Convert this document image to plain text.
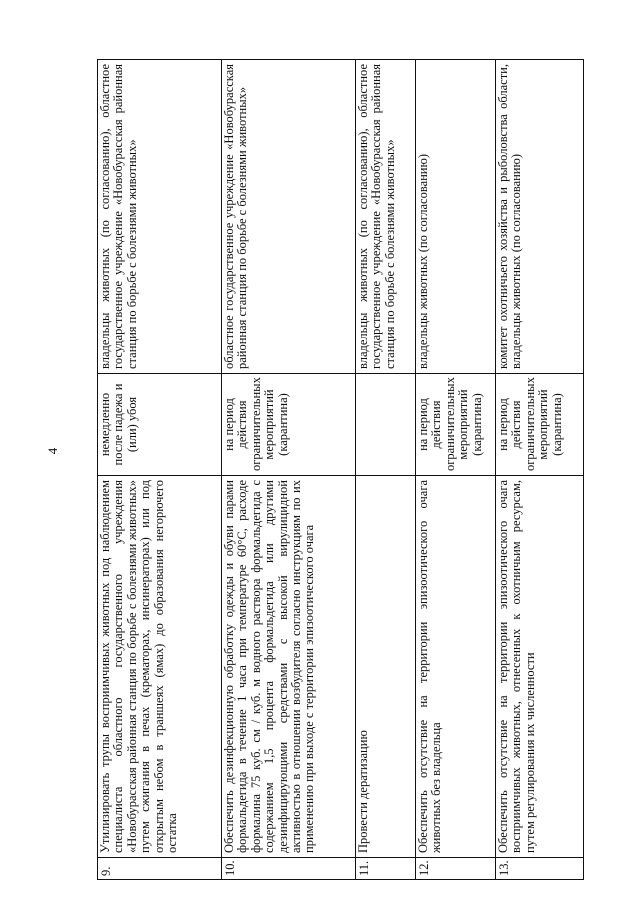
4
9.	Утилизировать трупы восприимчивых животных под наблюдением специалиста областного государственного учреждения «Новобурасская районная станция по борьбе с болезнями животных» путем сжигания в печах (крематорах, инсинераторах) или под открытым небом в траншеях (ямах) до образования негорючего остатка	немедленно после падежа и (или) убоя	владельцы животных (по согласованию), областное государственное учреждение «Новобурасская районная станция по борьбе с болезнями животных»
10.	Обеспечить дезинфекционную обработку одежды и обуви парами формальдегида в течение 1 часа при температуре 60°С, расходе формалина 75 куб. см / куб. м водного раствора формальдегида с содержанием 1,5 процента формальдегида или другими дезинфицирующими средствами с высокой вирулицидной активностью в отношении возбудителя согласно инструкциям по их применению при выходе с территории эпизоотического очага	на период действия ограничительных мероприятий (карантина)	областное государственное учреждение «Новобурасская районная станция по борьбе с болезнями животных»
11.	Провести дератизацию		владельцы животных (по согласованию), областное государственное учреждение «Новобурасская районная станция по борьбе с болезнями животных»
12.	Обеспечить отсутствие на территории эпизоотического очага животных без владельца	на период действия ограничительных мероприятий (карантина)	владельцы животных (по согласованию)
13.	Обеспечить отсутствие на территории эпизоотического очага восприимчивых животных, отнесенных к охотничьим ресурсам, путем регулирования их численности	на период действия ограничительных мероприятий (карантина)	комитет охотничьего хозяйства и рыболовства области, владельцы животных (по согласованию)
